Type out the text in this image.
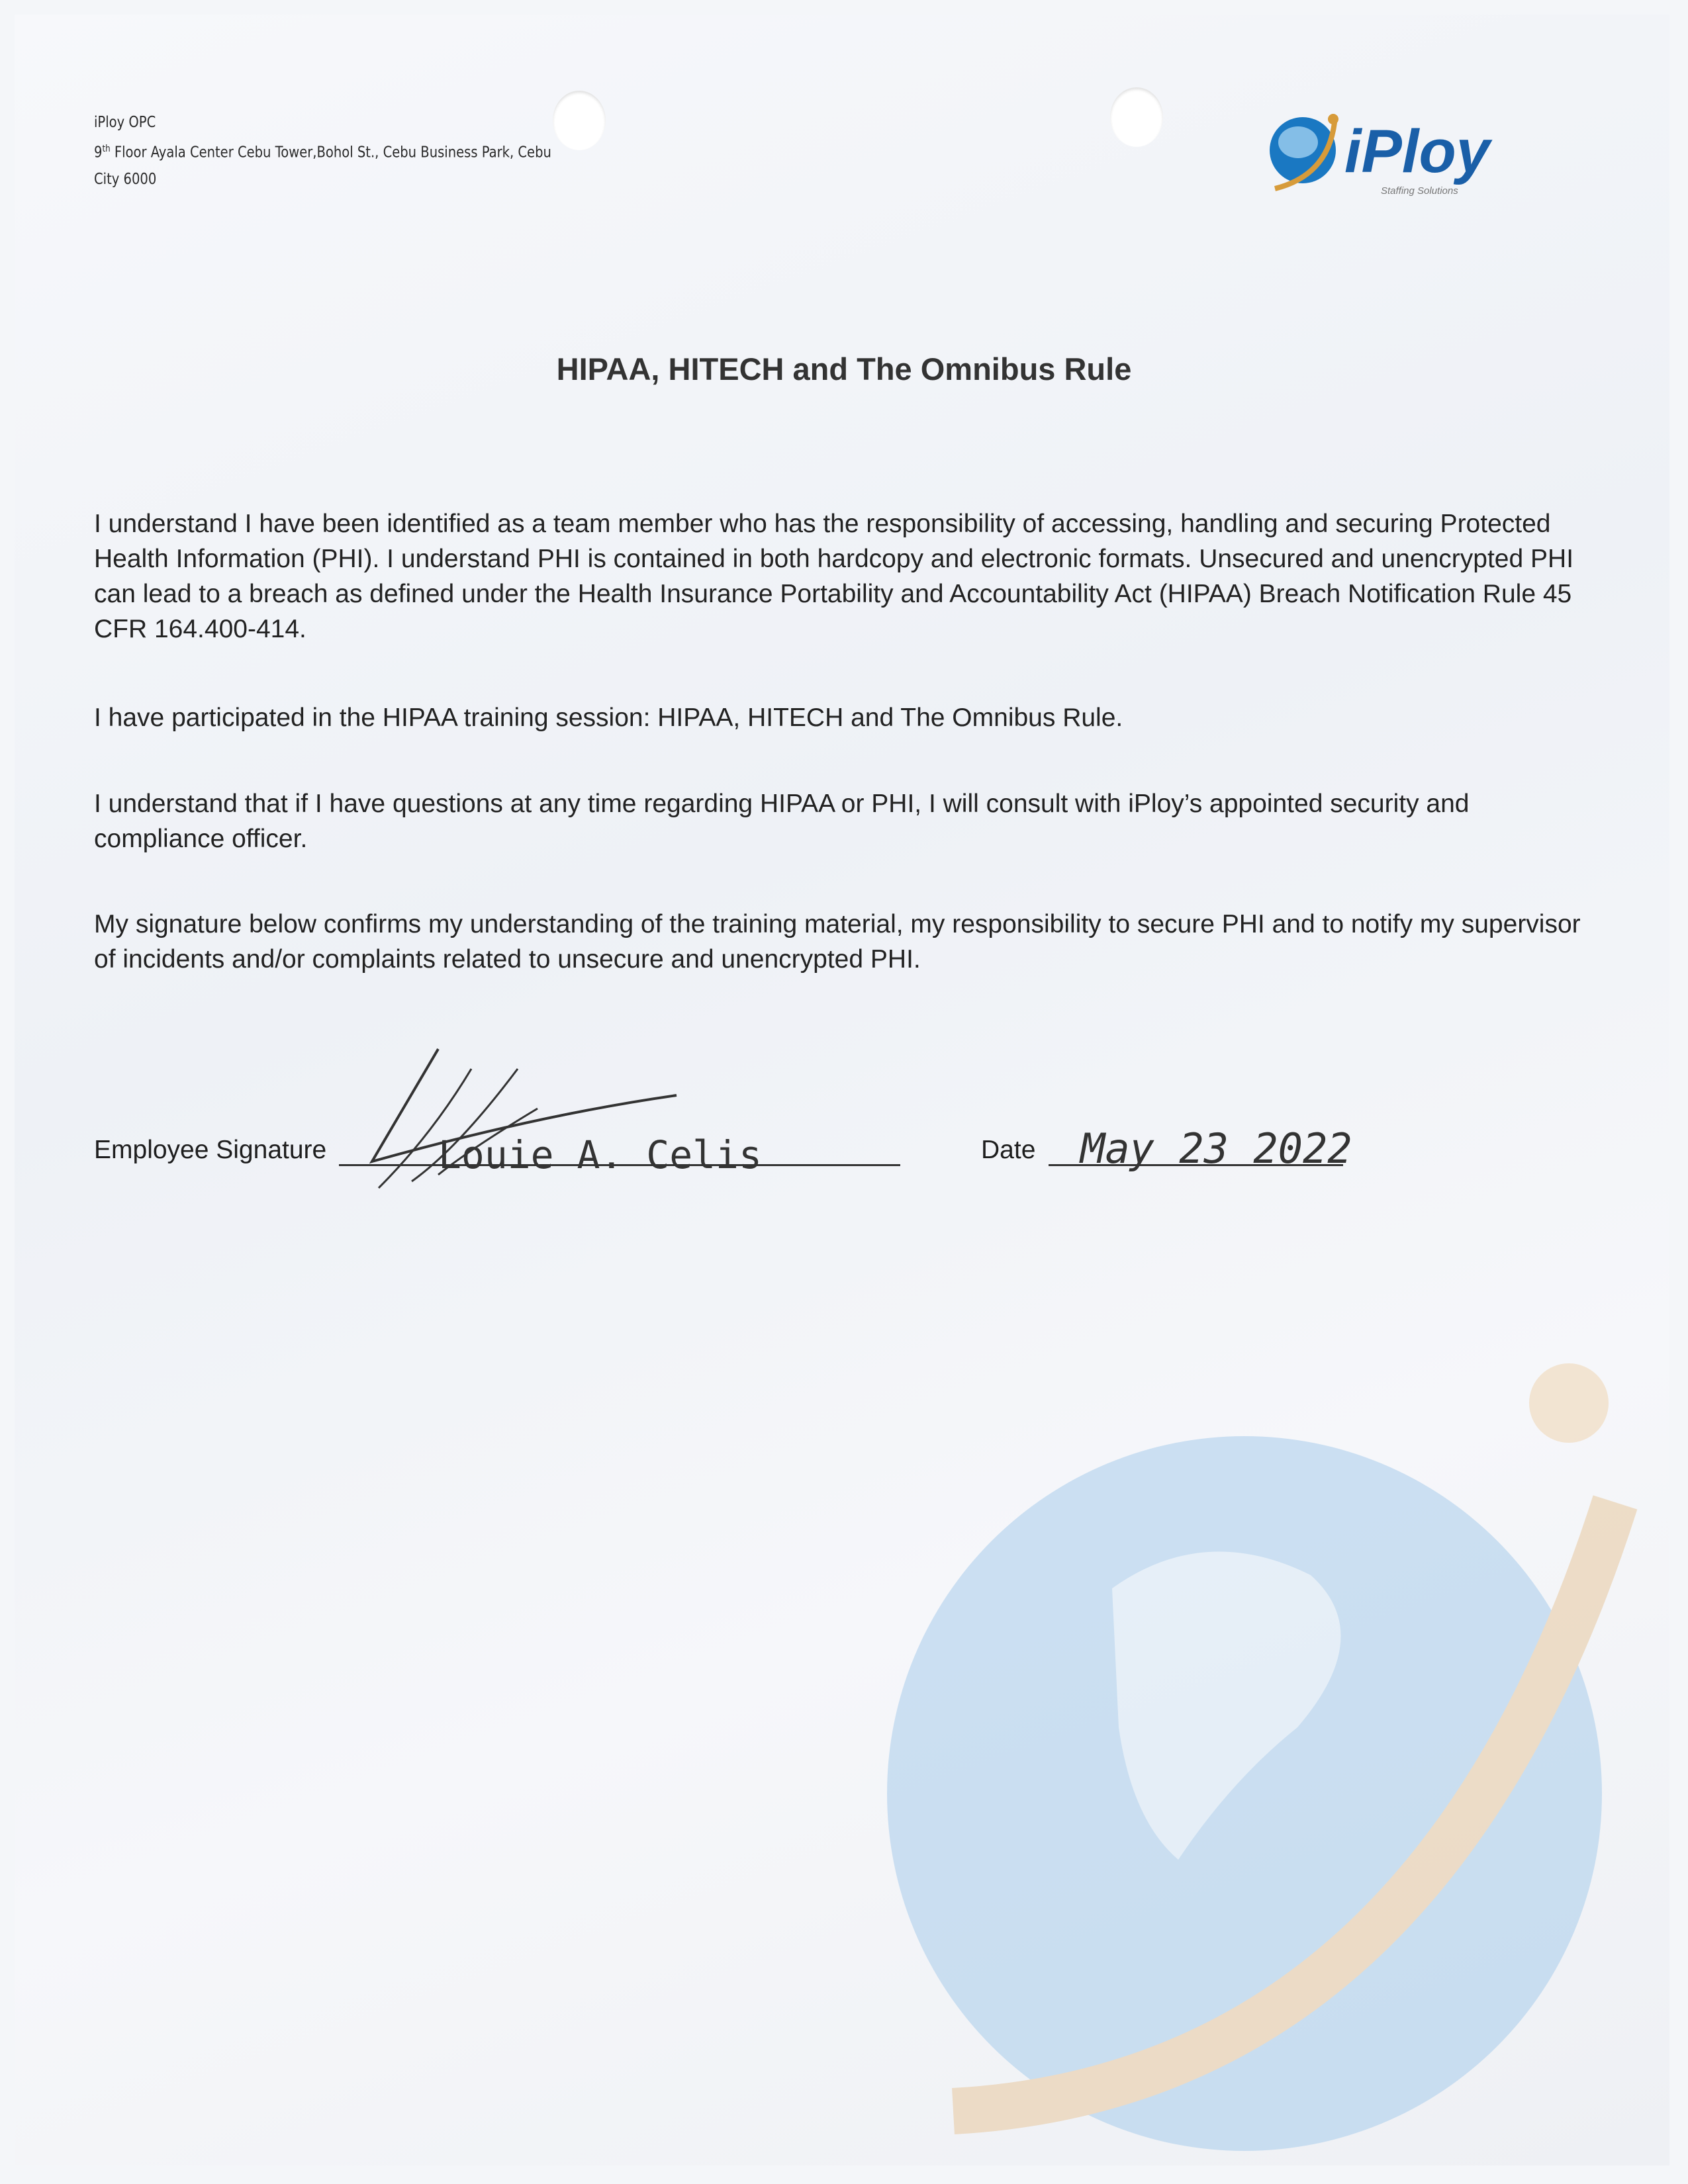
iPloy OPC
9th Floor Ayala Center Cebu Tower,Bohol St., Cebu Business Park, Cebu
City 6000	iPloy
Staffing Solutions
HIPAA, HITECH and The Omnibus Rule
I understand I have been identified as a team member who has the responsibility of accessing, handling and securing Protected Health Information (PHI). I understand PHI is contained in both hardcopy and electronic formats. Unsecured and unencrypted PHI can lead to a breach as defined under the Health Insurance Portability and Accountability Act (HIPAA) Breach Notification Rule 45 CFR 164.400-414.
I have participated in the HIPAA training session: HIPAA, HITECH and The Omnibus Rule.
I understand that if I have questions at any time regarding HIPAA or PHI, I will consult with iPloy’s appointed security and compliance officer.
My signature below confirms my understanding of the training material, my responsibility to secure PHI and to notify my supervisor of incidents and/or complaints related to unsecure and unencrypted PHI.
Employee Signature	Louie A. Celis	Date May 23 2022
